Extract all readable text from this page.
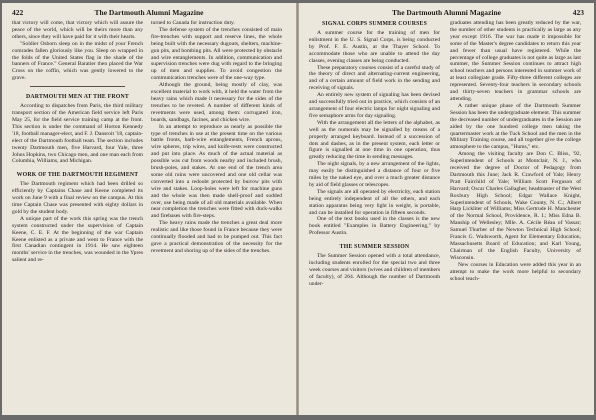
422	The Dartmouth Alumni Magazine

that victory will come, that victory which will assure the peace of the world, which will be theirs more than any others, since they will have paid for it with their hearts.

"Soldier Osborn sleep on in the midst of your French comrades fallen gloriously like you. Sleep on wrapped in the folds of the United States flag in the shade of the banners of France." General Baratier then placed the War Cross on the coffin, which was gently lowered to the grave.

DARTMOUTH MEN AT THE FRONT

According to dispatches from Paris, the third military transport section of the American field service left Paris May 25, for the field service training camp at the front. This section is under the command of Horton Kennedy '18, football manager-elect, and F. J. Dansroit '18, captain-elect of the Dartmouth football team. The section includes twenty Dartmouth men, five Harvard, four Yale, three Johns Hopkins, two Chicago men, and one man each from Columbia, Williams, and Michigan.

WORK OF THE DARTMOUTH REGIMENT

The Dartmouth regiment which had been drilled so efficiently by Captains Chase and Keene completed its work on June 9 with a final review on the campus. At this time Captain Chase was presented with eighty dollars in gold by the student body.

A unique part of the work this spring was the trench system constructed under the supervision of Captain Keene, C. E. F. At the beginning of the war Captain Keene enlisted as a private and went to France with the first Canadian contingent in 1914. He saw eighteen months' service in the trenches, was wounded in the Ypres salient and re-

turned to Canada for instruction duty.

The defense system of the trenches consisted of main fire-trenches with support and reserve lines, the whole being built with the necessary dugouts, shelters, machine-gun pits, and bombing pits. All were protected by obstacle and wire entanglements. In addition, communication and supervision trenches were dug with regard to the bringing up of men and supplies. To avoid congestion the communication trenches were of the one-way type.

Although the ground, being mostly of clay, was excellent material to work with, it held the water from the heavy rains which made it necessary for the sides of the trenches to be reveted. A number of different kinds of revetments were used, among them: corrugated iron, boards, sandbags, facines, and chicken wire.

In an attempt to reproduce as nearly as possible the type of trenches in use at the present time on the various battle fronts, barb-wire entanglements, French aprons, wire spheres, trip wires, and knife-rests were constructed and put into place. As much of the actual material as possible was cut from woods nearby and included brush, brush-poles, and stakes. At one end of the trench area some old ruins were uncovered and one old cellar was converted into a redoubt protected by burrow pits with wire and stakes. Loop-holes were left for machine guns and the whole was then made shell-proof and sodded over, use being made of all old materials available. When near completion the trenches were fitted with duck-walks and firebases with fire-steps.

The heavy rains made the trenches a great deal more realistic and like those found in France because they were continually flooded and had to be pumped out. This fact gave a practical demonstration of the necessity for the revetment and shoring up of the sides of the trenches.

The Dartmouth Alumni Magazine	423
SIGNAL CORPS SUMMER COURSES

A summer course for the training of men for enlistment in the U. S. Signal Corps, is being conducted by Prof. F. E. Austin, at the Thayer School. To accommodate those who are unable to attend the day classes, evening classes are being conducted.

These preparatory courses consist of a careful study of the theory of direct and alternating-current engineering, and of a certain amount of field work in the sending and receiving of signals.

An entirely new system of signaling has been devised and successfully tried out in practice, which consists of an arrangement of four electric lamps for night signaling and five semaphore arms for day signaling.

With the arrangement all the letters of the alphabet, as well as the numerals may be signalled by means of a properly arranged keyboard. Instead of a succession of dots and dashes, as in the present system, each letter or figure is signalled at one time in one operation, thus greatly reducing the time in sending messages.

The night signals, by a new arrangement of the lights, may easily be distinguished a distance of four or five miles by the naked eye, and over a much greater distance by aid of field glasses or telescopes.

The signals are all operated by electricity, each station being entirely independent of all the others, and each station apparatus being very light in weight, is portable, and can be installed for operation in fifteen seconds.

One of the text books used in the classes is the new book entitled "Examples in Battery Engineering," by Professor Austin.

THE SUMMER SESSION

The Summer Session opened with a total attendance, including students enrolled for the special two and three week courses and visitors (wives and children of members of faculty), of 264. Although the number of Dartmouth under-

graduates attending has been greatly reduced by the war, the number of other students is practically as large as any year except 1916. The war has made it impossible for some of the Master's degree candidates to return this year and fewer than usual have registered. While the percentage of college graduates is not quite as large as last summer, the Summer Session continues to attract high school teachers and persons interested in summer work of at least collegiate grade. Fifty-three different colleges are represented. Seventy-four teachers in secondary schools and thirty-seven teachers in grammar schools are attending.

A rather unique phase of the Dartmouth Summer Session has been the undergraduate element. This summer the decreased number of undergraduates in the Session are aided by the one hundred college men taking the quartermaster work at the Tuck School and the men in the Military Training course, and all together give the college atmosphere to the campus, "Hums," etc.

Among the visiting faculty are Don C. Bliss, '92, Superintendent of Schools at Montclair, N. J., who received the degree of Doctor of Pedagogy from Dartmouth this June; Jack R. Crawford of Yale; Henry Pratt Fairchild of Yale; William Scott Ferguson of Harvard; Oscar Charles Gallagher, headmaster of the West Roxbury High School; Edgar Wallace Knight, Superintendent of Schools, Wake County, N. C.; Albert Harp Lickliter of Williams; Miss Gertrude H. Manchester of the Normal School, Providence, R. I.; Miss Edna B. Manship of Wellesley; Mlle. A. Cécile Réau of Vassar; Samuel Thurber of the Newton Technical High School; Francis G. Wadsworth, Agent for Elementary Education, Massachusetts Board of Education; and Karl Young, Chairman of the English Faculty, University of Wisconsin.

New courses in Education were added this year in an attempt to make the work more helpful to secondary school teach-
